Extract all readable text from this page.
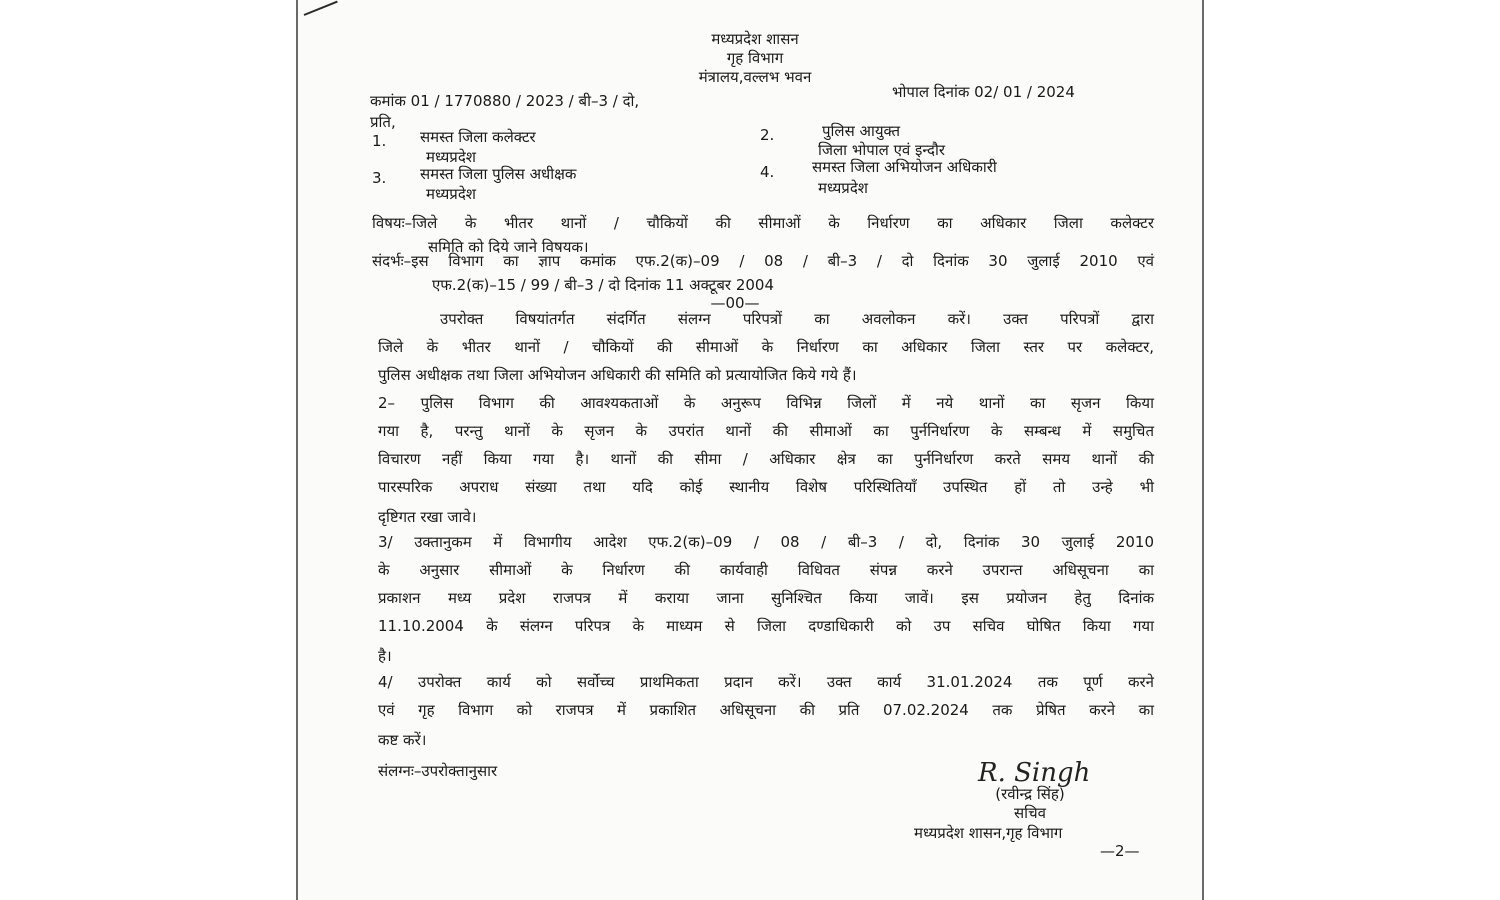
मध्यप्रदेश शासन
गृह विभाग
मंत्रालय,वल्लभ भवन
कमांक 01 / 1770880 / 2023 / बी–3 / दो,	भोपाल दिनांक 02/ 01 / 2024
प्रति,
1. समस्त जिला कलेक्टर
मध्यप्रदेश
2.	पुलिस आयुक्त
जिला भोपाल एवं इन्दौर
3. समस्त जिला पुलिस अधीक्षक
मध्यप्रदेश
4.	समस्त जिला अभियोजन अधिकारी
मध्यप्रदेश
विषयः–जिले के भीतर थानों / चौकियों की सीमाओं के निर्धारण का अधिकार जिला कलेक्टर
समिति को दिये जाने विषयक।
संदर्भः–इस विभाग का ज्ञाप कमांक एफ.2(क)–09 / 08 / बी–3 / दो दिनांक 30 जुलाई 2010 एवं
एफ.2(क)–15 / 99 / बी–3 / दो दिनांक 11 अक्टूबर 2004
—00—
उपरोक्त विषयांतर्गत संदर्गित संलग्न परिपत्रों का अवलोकन करें। उक्त परिपत्रों द्वारा
जिले के भीतर थानों / चौकियों की सीमाओं के निर्धारण का अधिकार जिला स्तर पर कलेक्टर,
पुलिस अधीक्षक तथा जिला अभियोजन अधिकारी की समिति को प्रत्यायोजित किये गये हैं।
2– पुलिस विभाग की आवश्यकताओं के अनुरूप विभिन्न जिलों में नये थानों का सृजन किया
गया है, परन्तु थानों के सृजन के उपरांत थानों की सीमाओं का पुर्ननिर्धारण के सम्बन्ध में समुचित
विचारण नहीं किया गया है। थानों की सीमा / अधिकार क्षेत्र का पुर्ननिर्धारण करते समय थानों की
पारस्परिक अपराध संख्या तथा यदि कोई स्थानीय विशेष परिस्थितियाँ उपस्थित हों तो उन्हे भी
दृष्टिगत रखा जावे।
3/ उक्तानुकम में विभागीय आदेश एफ.2(क)–09 / 08 / बी–3 / दो, दिनांक 30 जुलाई 2010
के अनुसार सीमाओं के निर्धारण की कार्यवाही विधिवत संपन्न करने उपरान्त अधिसूचना का
प्रकाशन मध्य प्रदेश राजपत्र में कराया जाना सुनिश्चित किया जावें। इस प्रयोजन हेतु दिनांक
11.10.2004 के संलग्न परिपत्र के माध्यम से जिला दण्डाधिकारी को उप सचिव घोषित किया गया
है।
4/ उपरोक्त कार्य को सर्वोच्च प्राथमिकता प्रदान करें। उक्त कार्य 31.01.2024 तक पूर्ण करने
एवं गृह विभाग को राजपत्र में प्रकाशित अधिसूचना की प्रति 07.02.2024 तक प्रेषित करने का
कष्ट करें।
संलग्नः–उपरोक्तानुसार	R. Singh
(रवीन्द्र सिंह)
सचिव
मध्यप्रदेश शासन,गृह विभाग
—2—
